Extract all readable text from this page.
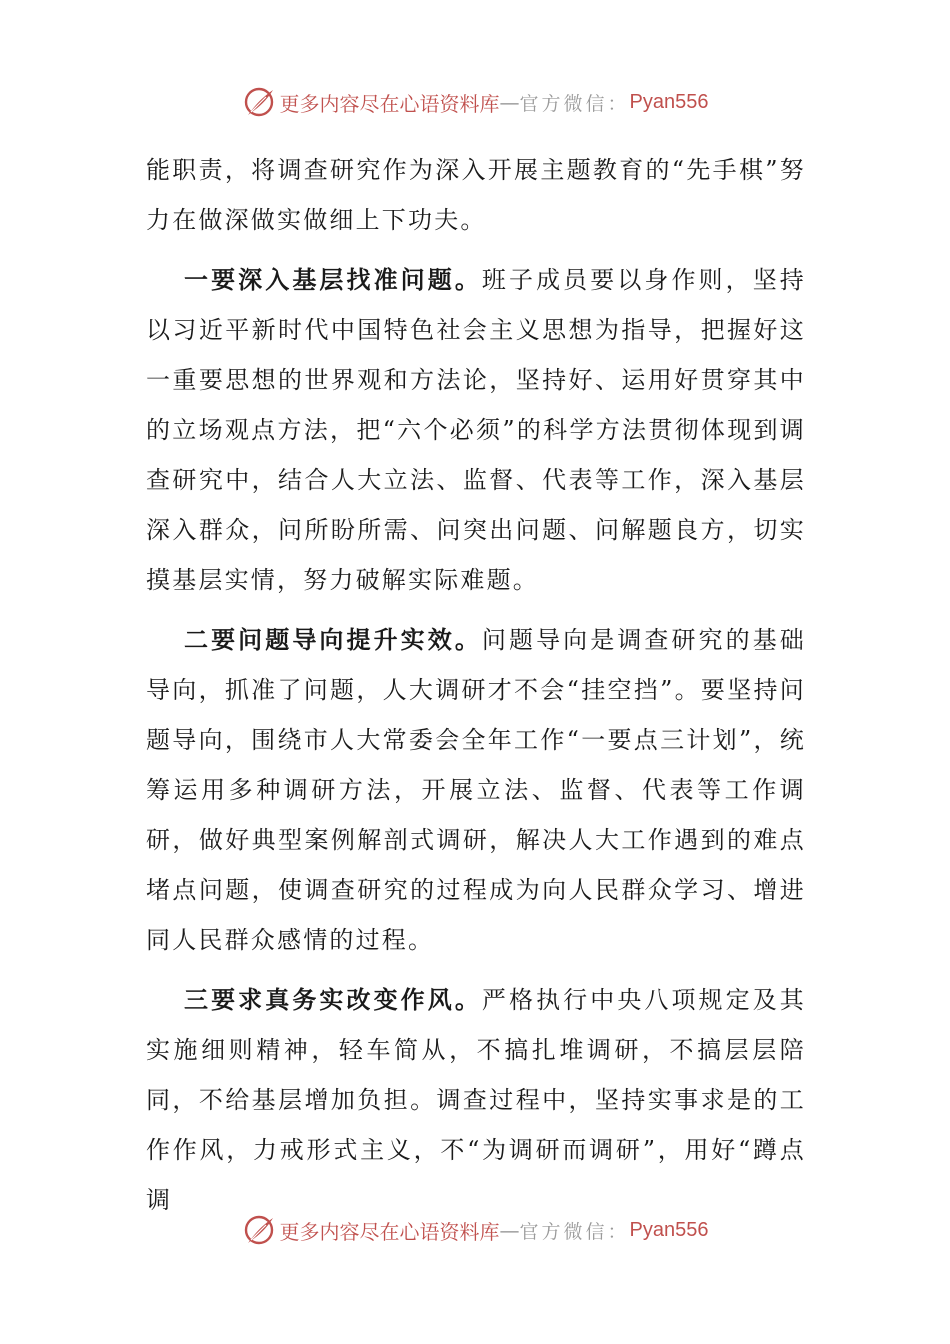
更多内容尽在心语资料库 — 官方微信： Pyan556

能职责，将调查研究作为深入开展主题教育的“先手棋”努力在做深做实做细上下功夫。

一要深入基层找准问题。班子成员要以身作则，坚持以习近平新时代中国特色社会主义思想为指导，把握好这一重要思想的世界观和方法论，坚持好、运用好贯穿其中的立场观点方法，把“六个必须”的科学方法贯彻体现到调查研究中，结合人大立法、监督、代表等工作，深入基层深入群众，问所盼所需、问突出问题、问解题良方，切实摸基层实情，努力破解实际难题。

二要问题导向提升实效。问题导向是调查研究的基础导向，抓准了问题，人大调研才不会“挂空挡”。要坚持问题导向，围绕市人大常委会全年工作“一要点三计划”，统筹运用多种调研方法，开展立法、监督、代表等工作调研，做好典型案例解剖式调研，解决人大工作遇到的难点堵点问题，使调查研究的过程成为向人民群众学习、增进同人民群众感情的过程。

三要求真务实改变作风。严格执行中央八项规定及其实施细则精神，轻车简从，不搞扎堆调研，不搞层层陪同，不给基层增加负担。调查过程中，坚持实事求是的工作作风，力戒形式主义，不“为调研而调研”，用好“蹲点调

更多内容尽在心语资料库 — 官方微信： Pyan556
